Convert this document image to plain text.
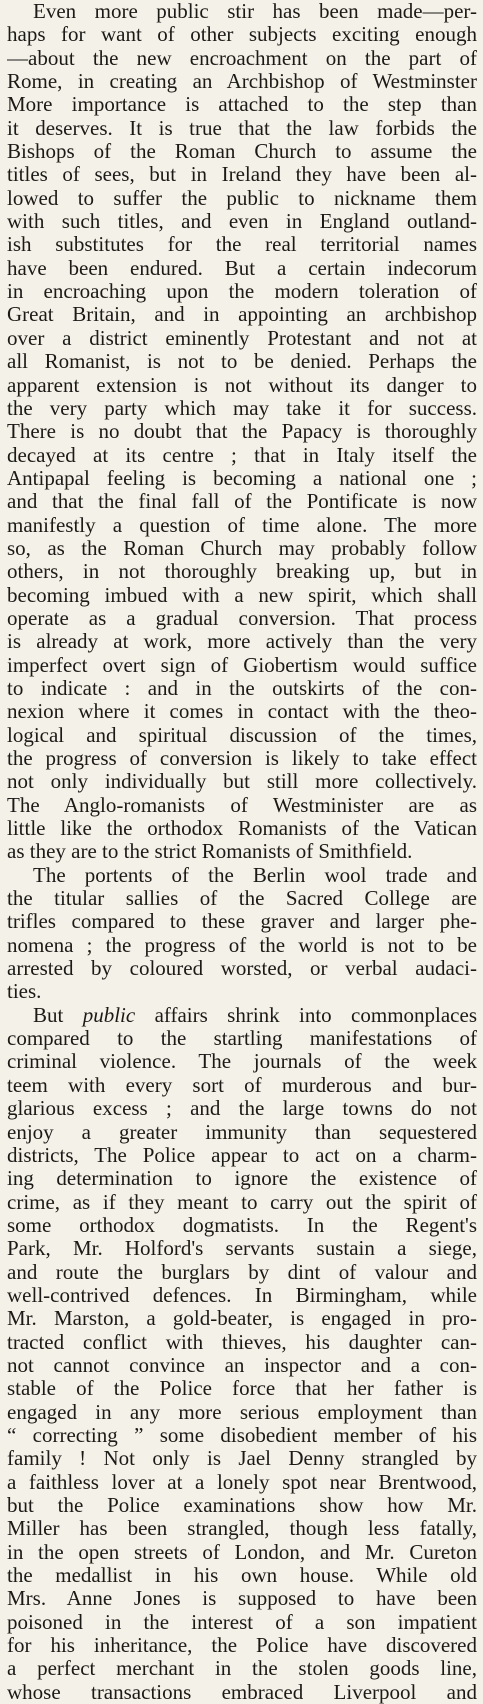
Even more public stir has been made—per-
haps for want of other subjects exciting enough
—about the new encroachment on the part of
Rome, in creating an Archbishop of Westminster
More importance is attached to the step than
it deserves. It is true that the law forbids the
Bishops of the Roman Church to assume the
titles of sees, but in Ireland they have been al-
lowed to suffer the public to nickname them
with such titles, and even in England outland-
ish substitutes for the real territorial names
have been endured. But a certain indecorum
in encroaching upon the modern toleration of
Great Britain, and in appointing an archbishop
over a district eminently Protestant and not at
all Romanist, is not to be denied. Perhaps the
apparent extension is not without its danger to
the very party which may take it for success.
There is no doubt that the Papacy is thoroughly
decayed at its centre ; that in Italy itself the
Antipapal feeling is becoming a national one ;
and that the final fall of the Pontificate is now
manifestly a question of time alone. The more
so, as the Roman Church may probably follow
others, in not thoroughly breaking up, but in
becoming imbued with a new spirit, which shall
operate as a gradual conversion. That process
is already at work, more actively than the very
imperfect overt sign of Giobertism would suffice
to indicate : and in the outskirts of the con-
nexion where it comes in contact with the theo-
logical and spiritual discussion of the times,
the progress of conversion is likely to take effect
not only individually but still more collectively.
The Anglo-romanists of Westminister are as
little like the orthodox Romanists of the Vatican
as they are to the strict Romanists of Smithfield.
The portents of the Berlin wool trade and
the titular sallies of the Sacred College are
trifles compared to these graver and larger phe-
nomena ; the progress of the world is not to be
arrested by coloured worsted, or verbal audaci-
ties.
But public affairs shrink into commonplaces
compared to the startling manifestations of
criminal violence. The journals of the week
teem with every sort of murderous and bur-
glarious excess ; and the large towns do not
enjoy a greater immunity than sequestered
districts, The Police appear to act on a charm-
ing determination to ignore the existence of
crime, as if they meant to carry out the spirit of
some orthodox dogmatists. In the Regent's
Park, Mr. Holford's servants sustain a siege,
and route the burglars by dint of valour and
well-contrived defences. In Birmingham, while
Mr. Marston, a gold-beater, is engaged in pro-
tracted conflict with thieves, his daughter can-
not cannot convince an inspector and a con-
stable of the Police force that her father is
engaged in any more serious employment than
“ correcting ” some disobedient member of his
family ! Not only is Jael Denny strangled by
a faithless lover at a lonely spot near Brentwood,
but the Police examinations show how Mr.
Miller has been strangled, though less fatally,
in the open streets of London, and Mr. Cureton
the medallist in his own house. While old
Mrs. Anne Jones is supposed to have been
poisoned in the interest of a son impatient
for his inheritance, the Police have discovered
a perfect merchant in the stolen goods line,
whose transactions embraced Liverpool and
